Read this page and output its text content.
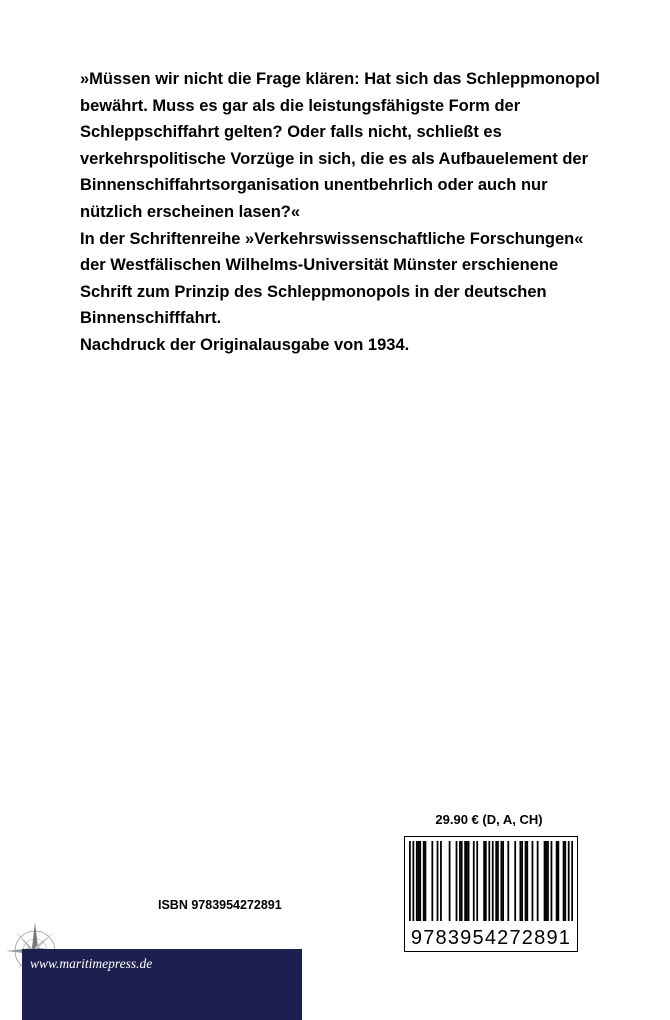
»Müssen wir nicht die Frage klären: Hat sich das Schleppmonopol bewährt. Muss es gar als die leistungsfähigste Form der Schleppschiffahrt gelten? Oder falls nicht, schließt es verkehrspolitische Vorzüge in sich, die es als Aufbauelement der Binnenschiffahrtsorganisation unentbehrlich oder auch nur nützlich erscheinen lasen?«

In der Schriftenreihe »Verkehrswissenschaftliche Forschungen« der Westfälischen Wilhelms-Universität Münster erschienene Schrift zum Prinzip des Schleppmonopols in der deutschen Binnenschifffahrt.

Nachdruck der Originalausgabe von 1934.

29.90 € (D, A, CH)
9783954272891
ISBN 9783954272891
www.maritimepress.de
